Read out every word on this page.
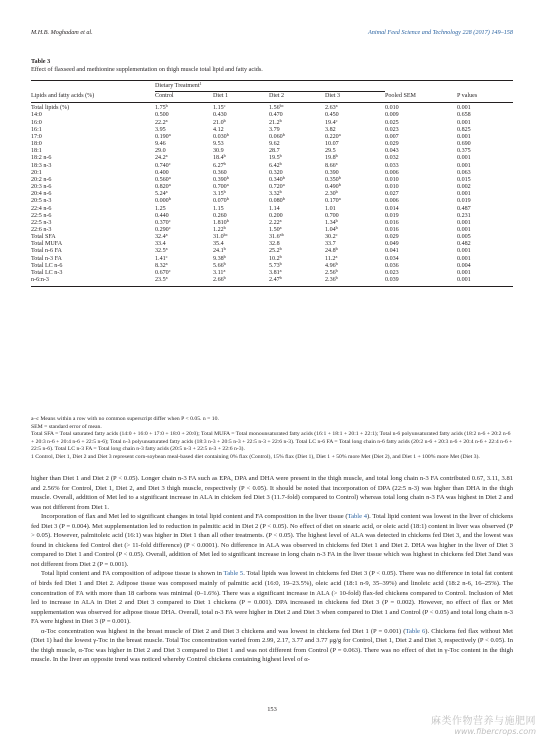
M.H.B. Moghadam et al.	Animal Feed Science and Technology 228 (2017) 149–158
Table 3
Effect of flaxseed and methionine supplementation on thigh muscle total lipid and fatty acids.
	Dietary Treatment$^1$		
Lipids and fatty acids (%)	Control	Diet 1	Diet 2	Diet 3	Pooled SEM	P values
Total lipids (%)	1.75$^b$	1.15$^c$	1.56$^{bc}$	2.63$^a$	0.010	0.001
14:0	0.500	0.430	0.470	0.450	0.009	0.658
16:0	22.2$^a$	21.0$^b$	21.2$^b$	19.4$^c$	0.025	0.001
16:1	3.95	4.12	3.79	3.82	0.023	0.825
17:0	0.190$^a$	0.030$^b$	0.060$^b$	0.220$^a$	0.007	0.001
18:0	9.46	9.53	9.62	10.07	0.029	0.690
18:1	29.0	30.9	28.7	29.5	0.043	0.375
18:2 n-6	24.2$^a$	18.4$^b$	19.5$^b$	19.8$^b$	0.032	0.001
18:3 n-3	0.740$^c$	6.27$^b$	6.42$^b$	8.66$^a$	0.033	0.001
20:1	0.400	0.360	0.320	0.390	0.006	0.063
20:2 n-6	0.560$^a$	0.390$^b$	0.340$^b$	0.350$^b$	0.010	0.015
20:3 n-6	0.820$^a$	0.700$^a$	0.720$^a$	0.490$^b$	0.010	0.002
20:4 n-6	5.24$^a$	3.15$^b$	3.32$^b$	2.30$^b$	0.027	0.001
20:5 n-3	0.000$^b$	0.070$^b$	0.080$^b$	0.170$^a$	0.006	0.019
22:4 n-6	1.25	1.15	1.14	1.01	0.014	0.487
22:5 n-6	0.440	0.260	0.200	0.700	0.019	0.231
22:5 n-3	0.370$^c$	1.810$^b$	2.22$^a$	1.34$^b$	0.016	0.001
22:6 n-3	0.290$^c$	1.22$^b$	1.50$^a$	1.04$^b$	0.016	0.001
Total SFA	32.4$^a$	31.0$^{bc}$	31.6$^{ab}$	30.2$^c$	0.029	0.005
Total MUFA	33.4	35.4	32.8	33.7	0.049	0.482
Total n-6 FA	32.5$^a$	24.1$^b$	25.2$^b$	24.8$^b$	0.041	0.001
Total n-3 FA	1.41$^c$	9.38$^b$	10.2$^b$	11.2$^a$	0.034	0.001
Total LC n-6	8.32$^a$	5.66$^b$	5.73$^b$	4.96$^b$	0.036	0.004
Total LC n-3	0.670$^c$	3.11$^a$	3.81$^a$	2.56$^b$	0.023	0.001
n-6:n-3	23.5$^a$	2.66$^b$	2.47$^b$	2.36$^b$	0.039	0.001

a–c Means within a row with no common superscript differ when P < 0.05. n = 10.

SEM = standard error of mean.

Total SFA = Total saturated fatty acids (14:0 + 16:0 + 17:0 + 18:0 + 20:0); Total MUFA = Total monounsaturated fatty acids (16:1 + 18:1 + 20:1 + 22:1); Total n-6 polyunsaturated fatty acids (18:2 n-6 + 20:2 n-6 + 20:3 n-6 + 20:4 n-6 + 22:5 n-6); Total n-3 polyunsaturated fatty acids (18:3 n-3 + 20:5 n-3 + 22:5 n-3 + 22:6 n-3). Total LC n-6 FA = Total long chain n-6 fatty acids (20:2 n-6 + 20:3 n-6 + 20:4 n-6 + 22:4 n-6 + 22:5 n-6). Total LC n-3 FA = Total long chain n-3 fatty acids (20:5 n-3 + 22:5 n-3 + 22:6 n-3).

1 Control, Diet 1, Diet 2 and Diet 3 represent corn-soybean meal-based diet containing 0% flax (Control), 15% flax (Diet 1), Diet 1 + 50% more Met (Diet 2), and Diet 1 + 100% more Met (Diet 3).

higher than Diet 1 and Diet 2 (P < 0.05). Longer chain n-3 FA such as EPA, DPA and DHA were present in the thigh muscle, and total long chain n-3 FA contributed 0.67, 3.11, 3.81 and 2.56% for Control, Diet 1, Diet 2, and Diet 3 thigh muscle, respectively (P < 0.05). It should be noted that incorporation of DPA (22:5 n-3) was higher than DHA in the thigh muscle. Overall, addition of Met led to a significant increase in ALA in chicken fed Diet 3 (11.7-fold) compared to Control) whereas total long chain n-3 FA was highest in Diet 2 and was not different from Diet 1.

Incorporation of flax and Met led to significant changes in total lipid content and FA composition in the liver tissue (Table 4). Total lipid content was lowest in the liver of chickens fed Diet 3 (P = 0.004). Met supplementation led to reduction in palmitic acid in Diet 2 (P < 0.05). No effect of diet on stearic acid, or oleic acid (18:1) content in liver was observed (P > 0.05). However, palmitoleic acid (16:1) was higher in Diet 1 than all other treatments. (P < 0.05). The highest level of ALA was detected in chickens fed Diet 3, and the lowest was found in chickens fed Control diet (> 11-fold difference) (P < 0.0001). No difference in ALA was observed in chickens fed Diet 1 and Diet 2. DHA was higher in the liver of Diet 3 compared to Diet 1 and Control (P < 0.05). Overall, addition of Met led to significant increase in long chain n-3 FA in the liver tissue which was highest in chickens fed Diet 3and was not different from Diet 2 (P = 0.001).

Total lipid content and FA composition of adipose tissue is shown in Table 5. Total lipids was lowest in chickens fed Diet 3 (P < 0.05). There was no difference in total fat content of birds fed Diet 1 and Diet 2. Adipose tissue was composed mainly of palmitic acid (16:0, 19–23.5%), oleic acid (18:1 n-9, 35–39%) and linoleic acid (18:2 n-6, 16–25%). The concentration of FA with more than 18 carbons was minimal (0–1.6%). There was a significant increase in ALA (> 10-fold) flax-fed chickens compared to Control. Inclusion of Met led to increase in ALA in Diet 2 and Diet 3 compared to Diet 1 chickens (P = 0.001). DPA increased in chickens fed Diet 3 (P = 0.002). However, no effect of flax or Met supplementation was observed for adipose tissue DHA. Overall, total n-3 FA were higher in Diet 2 and Diet 3 when compared to Diet 1 and Control (P < 0.05) and total long chain n-3 FA were highest in Diet 3 (P = 0.001).

α-Toc concentration was highest in the breast muscle of Diet 2 and Diet 3 chickens and was lowest in chickens fed Diet 1 (P = 0.001) (Table 6). Chickens fed flax without Met (Diet 1) had the lowest γ-Toc in the breast muscle. Total Toc concentration varied from 2.99, 2.17, 3.77 and 3.77 μg/g for Control, Diet 1, Diet 2 and Diet 3, respectively (P < 0.05). In the thigh muscle, α-Toc was higher in Diet 2 and Diet 3 compared to Diet 1 and was not different from Control (P = 0.063). There was no effect of diet in γ-Toc content in the thigh muscle. In the liver an opposite trend was noticed whereby Control chickens containing highest level of α-

153
麻类作物营养与施肥网
www.fibercrops.com
